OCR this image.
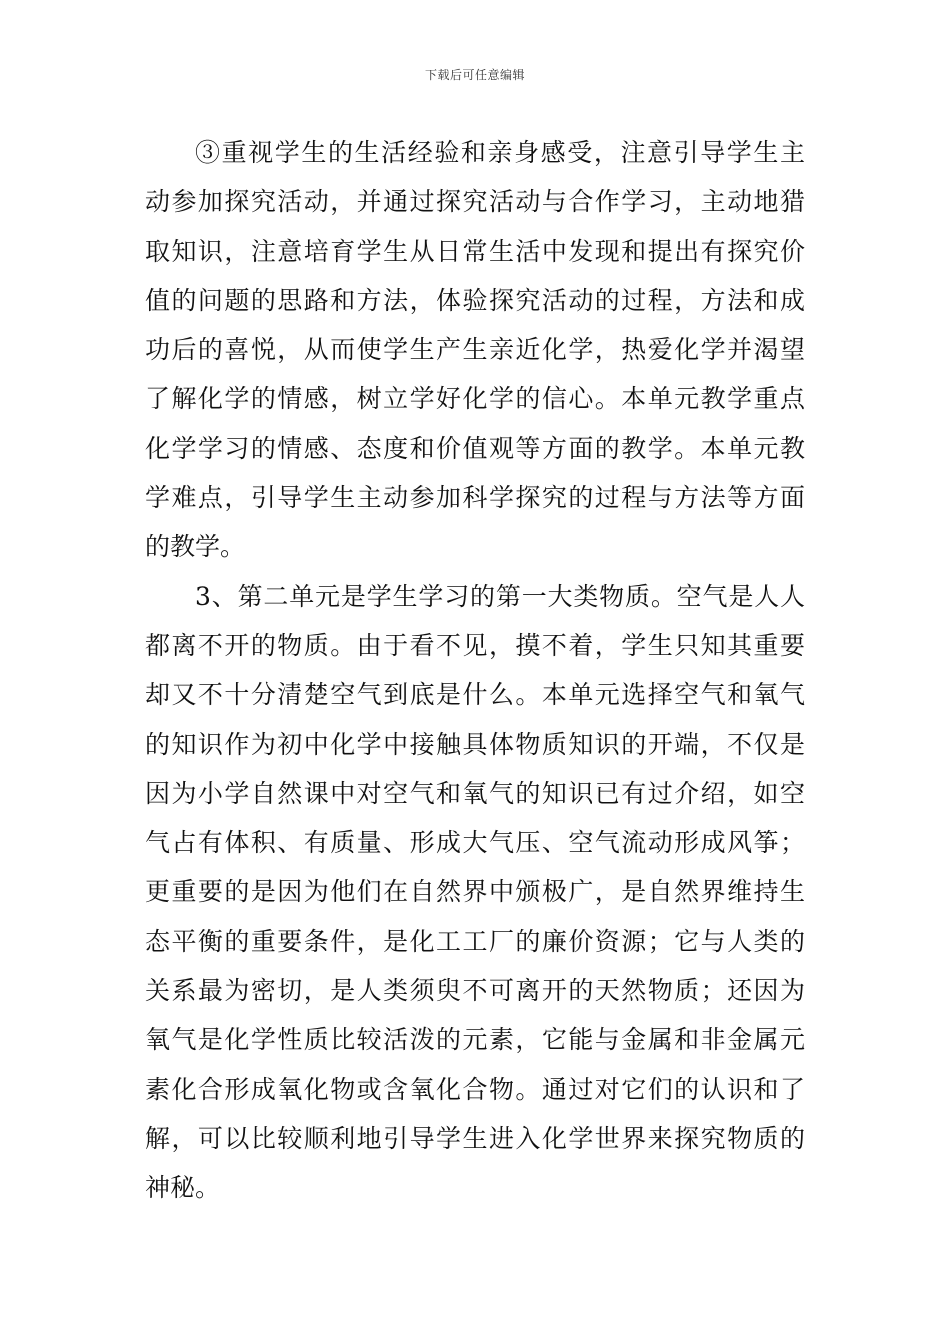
下载后可任意编辑
③重视学生的生活经验和亲身感受，注意引导学生主
动参加探究活动，并通过探究活动与合作学习，主动地猎
取知识，注意培育学生从日常生活中发现和提出有探究价
值的问题的思路和方法，体验探究活动的过程，方法和成
功后的喜悦，从而使学生产生亲近化学，热爱化学并渴望
了解化学的情感，树立学好化学的信心。本单元教学重点
化学学习的情感、态度和价值观等方面的教学。本单元教
学难点，引导学生主动参加科学探究的过程与方法等方面
的教学。
3、第二单元是学生学习的第一大类物质。空气是人人
都离不开的物质。由于看不见，摸不着，学生只知其重要
却又不十分清楚空气到底是什么。本单元选择空气和氧气
的知识作为初中化学中接触具体物质知识的开端，不仅是
因为小学自然课中对空气和氧气的知识已有过介绍，如空
气占有体积、有质量、形成大气压、空气流动形成风筝；
更重要的是因为他们在自然界中颁极广，是自然界维持生
态平衡的重要条件，是化工工厂的廉价资源；它与人类的
关系最为密切，是人类须臾不可离开的天然物质；还因为
氧气是化学性质比较活泼的元素，它能与金属和非金属元
素化合形成氧化物或含氧化合物。通过对它们的认识和了
解，可以比较顺利地引导学生进入化学世界来探究物质的
神秘。
